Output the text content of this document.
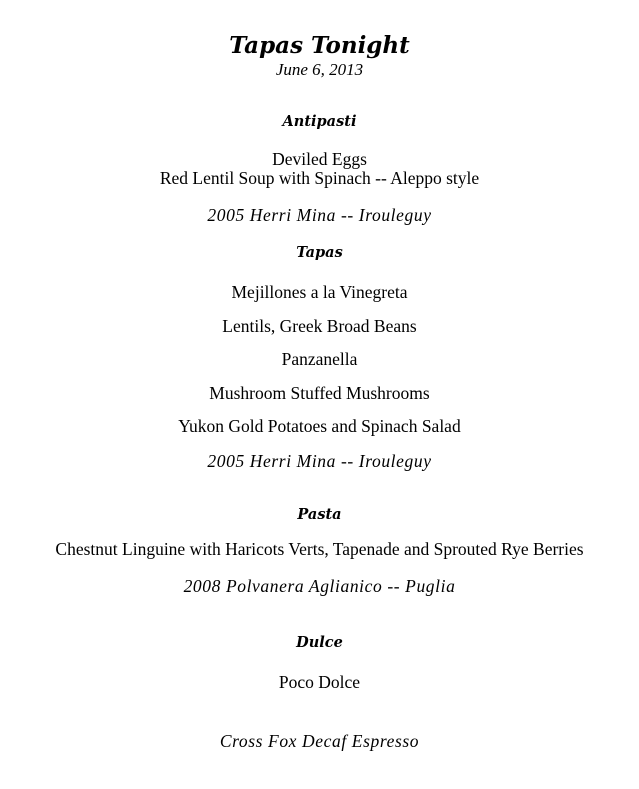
Tapas Tonight
June 6, 2013
Antipasti
Deviled Eggs
Red Lentil Soup with Spinach -- Aleppo style
2005 Herri Mina -- Irouleguy
Tapas
Mejillones a la Vinegreta
Lentils, Greek Broad Beans
Panzanella
Mushroom Stuffed Mushrooms
Yukon Gold Potatoes and Spinach Salad
2005 Herri Mina -- Irouleguy
Pasta
Chestnut Linguine with Haricots Verts, Tapenade and Sprouted Rye Berries
2008 Polvanera Aglianico -- Puglia
Dulce
Poco Dolce
Cross Fox Decaf Espresso
